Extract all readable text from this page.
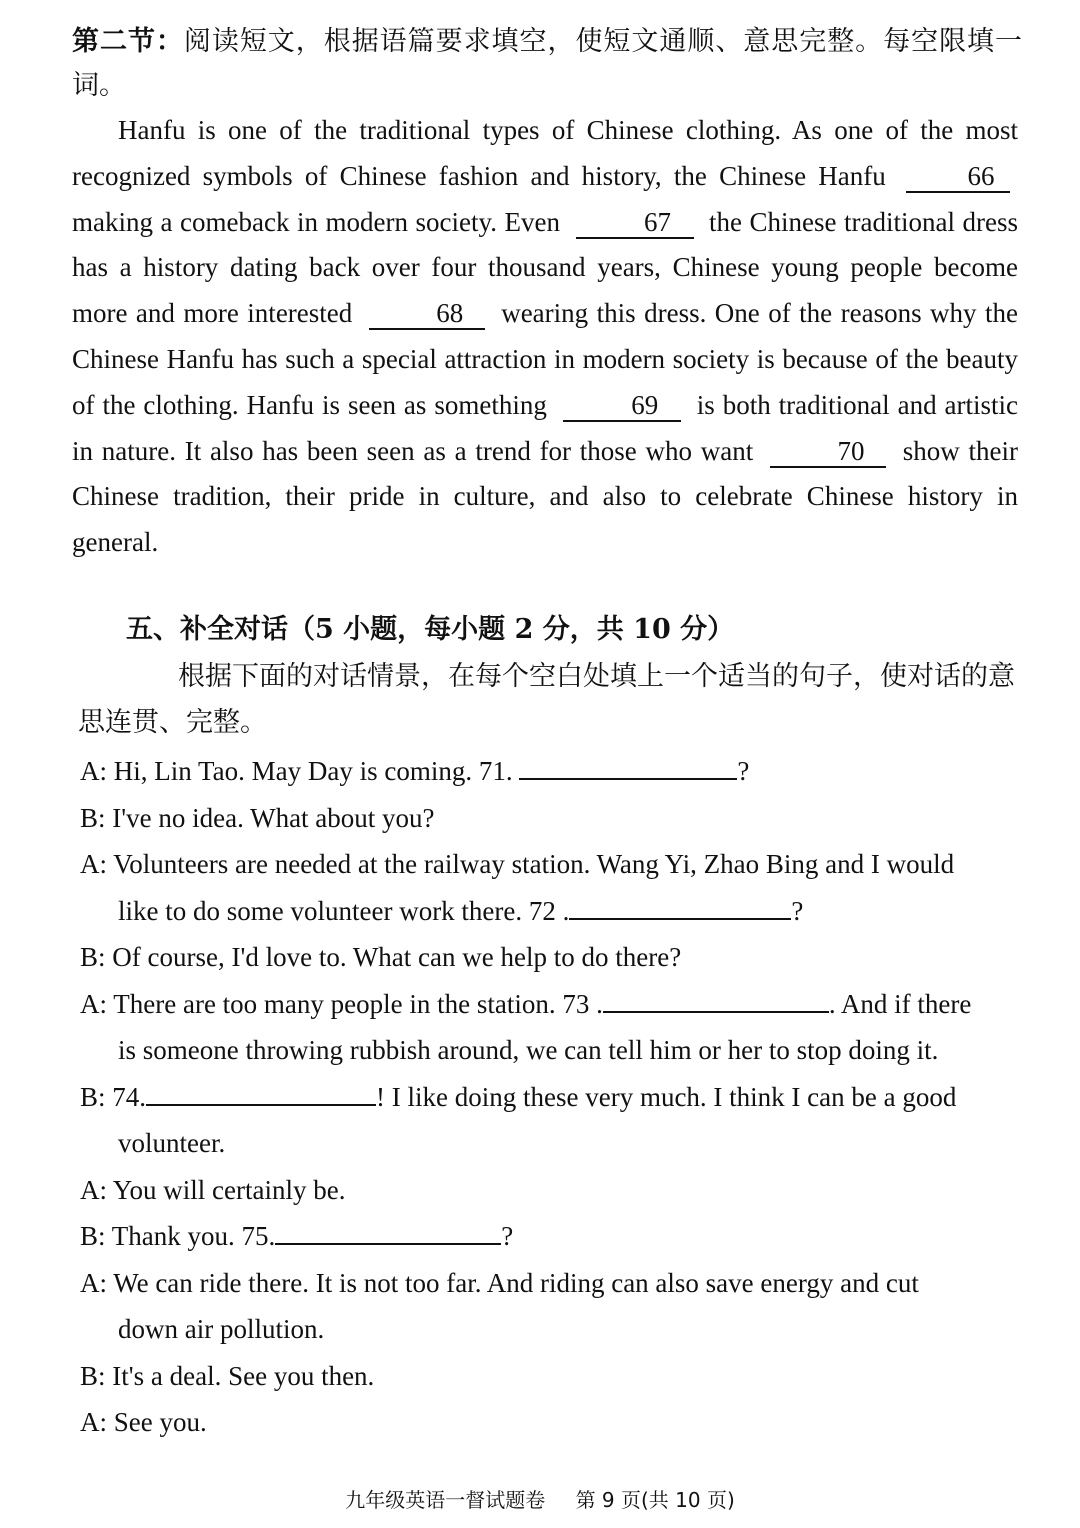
第二节：阅读短文，根据语篇要求填空，使短文通顺、意思完整。每空限填一词。

Hanfu is one of the traditional types of Chinese clothing. As one of the most recognized symbols of Chinese fashion and history, the Chinese Hanfu	66 making a comeback in modern society. Even	67 the Chinese traditional dress has a history dating back over four thousand years, Chinese young people become more and more interested	68 wearing this dress. One of the reasons why the Chinese Hanfu has such a special attraction in modern society is because of the beauty of the clothing. Hanfu is seen as something	69 is both traditional and artistic in nature. It also has been seen as a trend for those who want	70 show their Chinese tradition, their pride in culture, and also to celebrate Chinese history in general.

五、补全对话（5 小题，每小题 2 分，共 10 分）

根据下面的对话情景，在每个空白处填上一个适当的句子，使对话的意思连贯、完整。

A: Hi, Lin Tao. May Day is coming. 71.	?
B: I've no idea. What about you?
A: Volunteers are needed at the railway station. Wang Yi, Zhao Bing and I would
like to do some volunteer work there. 72 .	?
B: Of course, I'd love to. What can we help to do there?
A: There are too many people in the station. 73 .	. And if there
is someone throwing rubbish around, we can tell him or her to stop doing it.
B: 74.	! I like doing these very much. I think I can be a good
volunteer.
A: You will certainly be.
B: Thank you. 75.	?
A: We can ride there. It is not too far. And riding can also save energy and cut
down air pollution.
B: It's a deal. See you then.
A: See you.
九年级英语一督试题卷 第 9 页(共 10 页)
